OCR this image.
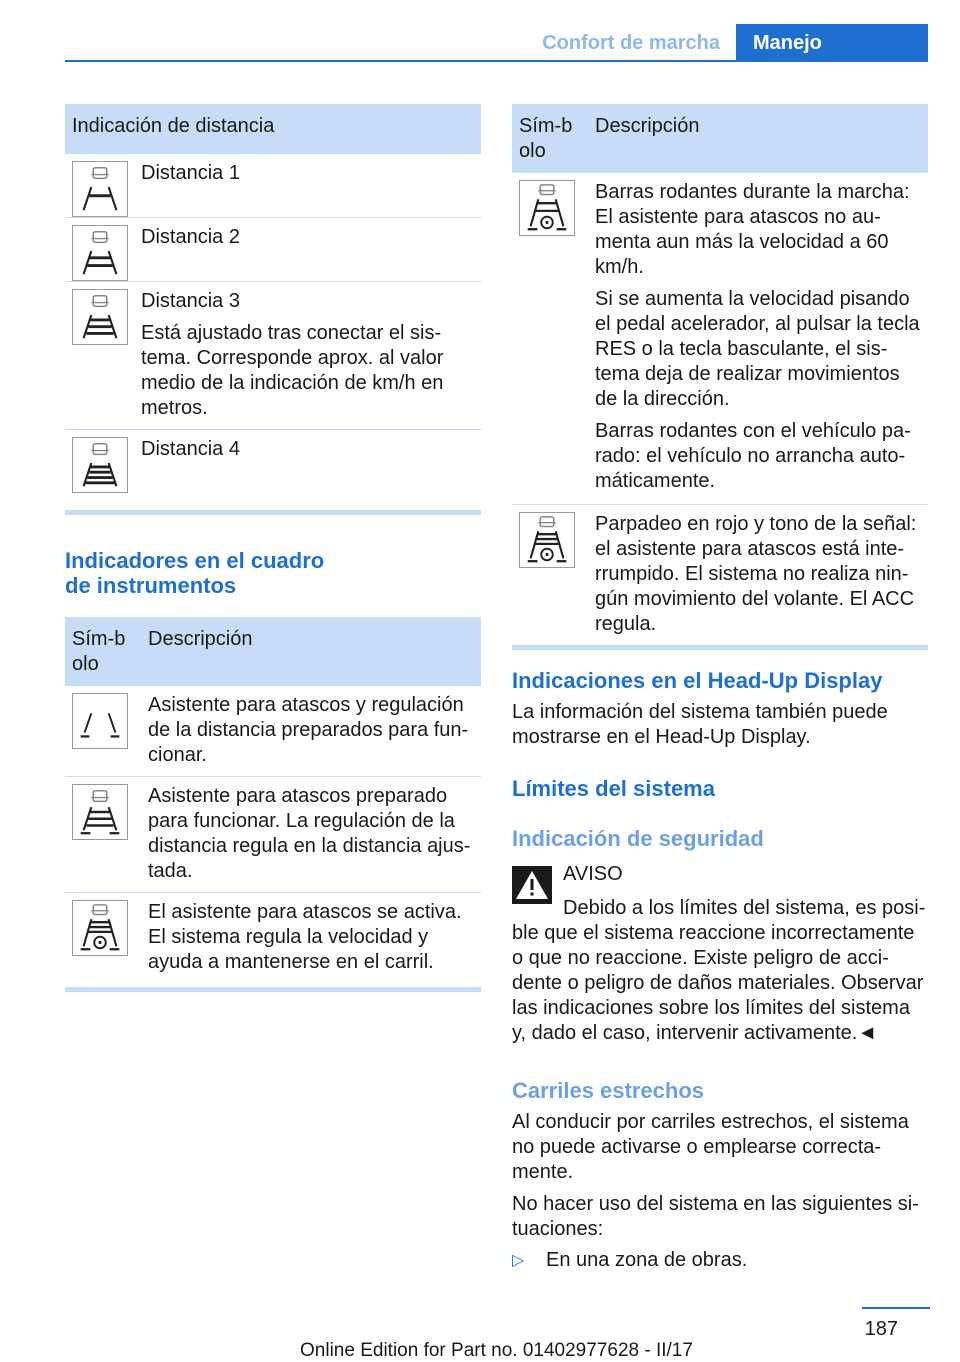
Confort de marcha	Manejo
Indicación de distancia

Distancia 1

Distancia 2

Distancia 3

Está ajustado tras conectar el sis-tema. Corresponde aprox. al valor medio de la indicación de km/h en metros.

Distancia 4

Indicadores en el cuadro
de instrumentos
Sím-bolo
Descripción

Asistente para atascos y regulación de la distancia preparados para fun-cionar.

Asistente para atascos preparado para funcionar. La regulación de la distancia regula en la distancia ajus-tada.

El asistente para atascos se activa. El sistema regula la velocidad y ayuda a mantenerse en el carril.

Sím-bolo
Descripción

Barras rodantes durante la marcha: El asistente para atascos no au-menta aun más la velocidad a 60 km/h.

Si se aumenta la velocidad pisando el pedal acelerador, al pulsar la tecla RES o la tecla basculante, el sis-tema deja de realizar movimientos de la dirección.

Barras rodantes con el vehículo pa-rado: el vehículo no arrancha auto-máticamente.

Parpadeo en rojo y tono de la señal: el asistente para atascos está inte-rrumpido. El sistema no realiza nin-gún movimiento del volante. El ACC regula.

Indicaciones en el Head-Up Display

La información del sistema también puede mostrarse en el Head-Up Display.

Límites del sistema
Indicación de seguridad
AVISO

Debido a los límites del sistema, es posi-ble que el sistema reaccione incorrectamente o que no reaccione. Existe peligro de acci-dente o peligro de daños materiales. Observar las indicaciones sobre los límites del sistema y, dado el caso, intervenir activamente.◄

Carriles estrechos

Al conducir por carriles estrechos, el sistema no puede activarse o emplearse correcta-mente.

No hacer uso del sistema en las siguientes si-tuaciones:

▷	En una zona de obras.
187
Online Edition for Part no. 01402977628 - II/17
